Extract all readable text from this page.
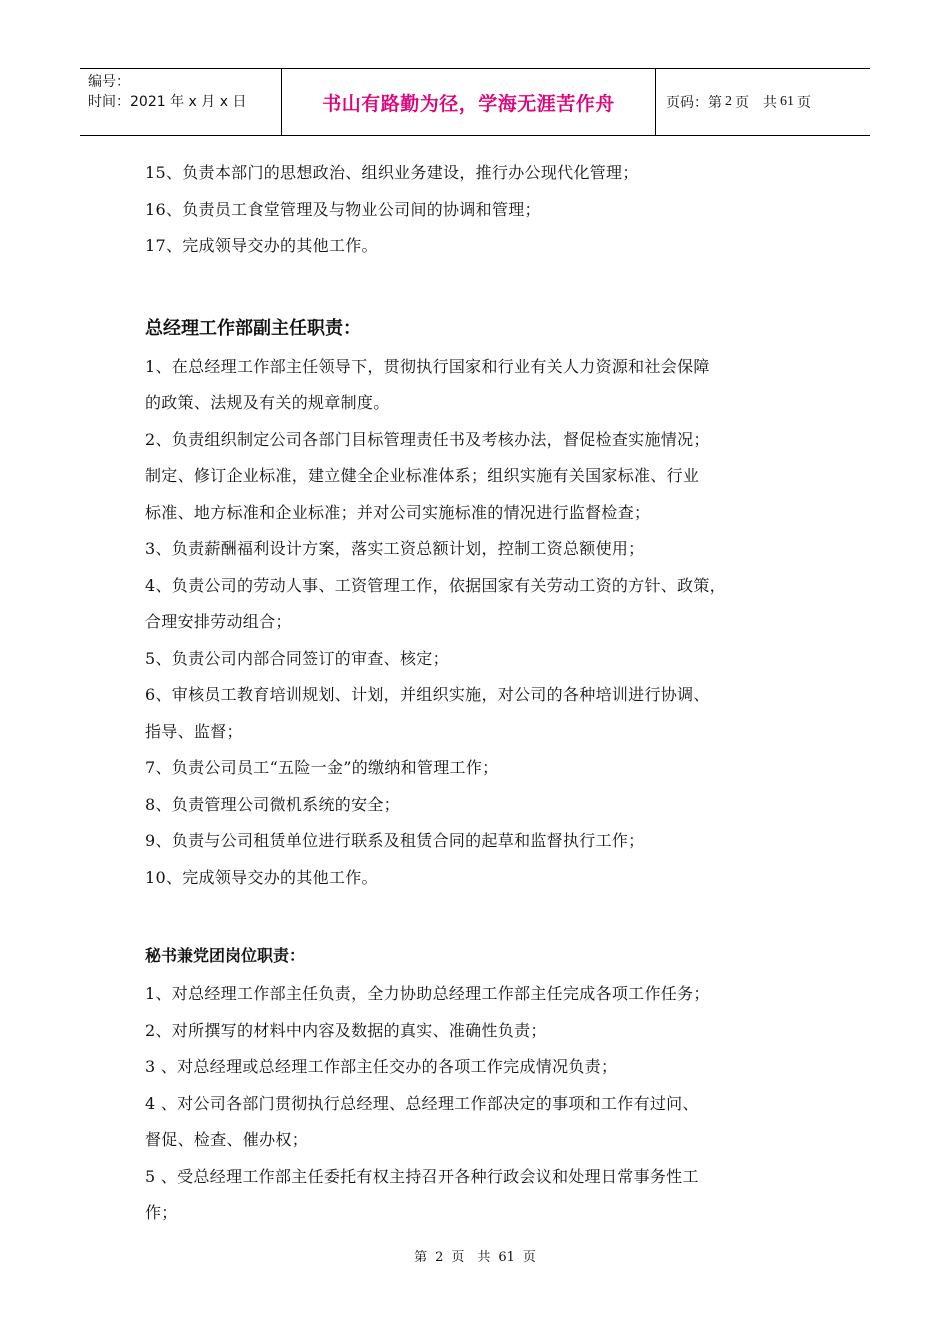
编号：
时间：2021 年 x 月 x 日	书山有路勤为径，学海无涯苦作舟	页码：第 2 页　共 61 页
15、负责本部门的思想政治、组织业务建设，推行办公现代化管理；
16、负责员工食堂管理及与物业公司间的协调和管理；
17、完成领导交办的其他工作。
总经理工作部副主任职责：
1、在总经理工作部主任领导下，贯彻执行国家和行业有关人力资源和社会保障
的政策、法规及有关的规章制度。
2、负责组织制定公司各部门目标管理责任书及考核办法，督促检查实施情况；
制定、修订企业标准，建立健全企业标准体系；组织实施有关国家标准、行业
标准、地方标准和企业标准；并对公司实施标准的情况进行监督检查；
3、负责薪酬福利设计方案，落实工资总额计划，控制工资总额使用；
4、负责公司的劳动人事、工资管理工作，依据国家有关劳动工资的方针、政策，
合理安排劳动组合；
5、负责公司内部合同签订的审查、核定；
6、审核员工教育培训规划、计划，并组织实施，对公司的各种培训进行协调、
指导、监督；
7、负责公司员工“五险一金”的缴纳和管理工作；
8、负责管理公司微机系统的安全；
9、负责与公司租赁单位进行联系及租赁合同的起草和监督执行工作；
10、完成领导交办的其他工作。
秘书兼党团岗位职责：
1、对总经理工作部主任负责，全力协助总经理工作部主任完成各项工作任务；
2、对所撰写的材料中内容及数据的真实、准确性负责；
3 、对总经理或总经理工作部主任交办的各项工作完成情况负责；
4 、对公司各部门贯彻执行总经理、总经理工作部决定的事项和工作有过问、
督促、检查、催办权；
5 、受总经理工作部主任委托有权主持召开各种行政会议和处理日常事务性工
作；
第 2 页　共 61 页
